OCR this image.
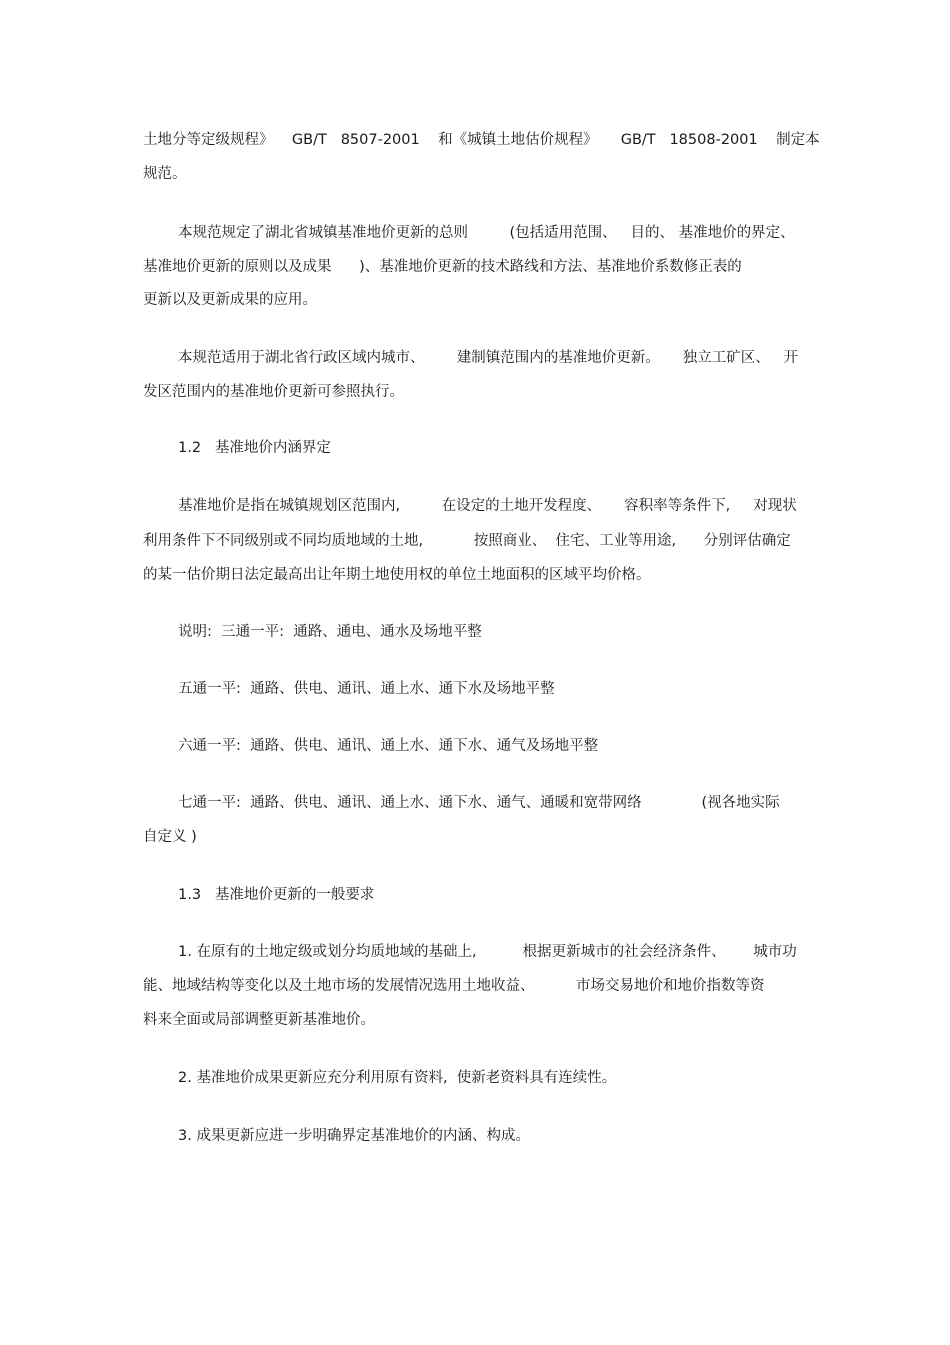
土地分等定级规程》    GB/T   8507-2001    和《城镇土地估价规程》     GB/T   18508-2001    制定本
规范。
本规范规定了湖北省城镇基准地价更新的总则         (包括适用范围、   目的、 基准地价的界定、
基准地价更新的原则以及成果      )、基准地价更新的技术路线和方法、基准地价系数修正表的
更新以及更新成果的应用。
本规范适用于湖北省行政区域内城市、       建制镇范围内的基准地价更新。     独立工矿区、   开
发区范围内的基准地价更新可参照执行。
1.2   基准地价内涵界定
基准地价是指在城镇规划区范围内,         在设定的土地开发程度、     容积率等条件下,     对现状
利用条件下不同级别或不同均质地域的土地,           按照商业、  住宅、工业等用途,      分别评估确定
的某一估价期日法定最高出让年期土地使用权的单位土地面积的区域平均价格。
说明:  三通一平:  通路、通电、通水及场地平整
五通一平:  通路、供电、通讯、通上水、通下水及场地平整
六通一平:  通路、供电、通讯、通上水、通下水、通气及场地平整
七通一平:  通路、供电、通讯、通上水、通下水、通气、通暖和宽带网络             (视各地实际
自定义 )
1.3   基准地价更新的一般要求
1. 在原有的土地定级或划分均质地域的基础上,          根据更新城市的社会经济条件、      城市功
能、地域结构等变化以及土地市场的发展情况选用土地收益、         市场交易地价和地价指数等资
料来全面或局部调整更新基准地价。
2. 基准地价成果更新应充分利用原有资料,  使新老资料具有连续性。
3. 成果更新应进一步明确界定基准地价的内涵、构成。
